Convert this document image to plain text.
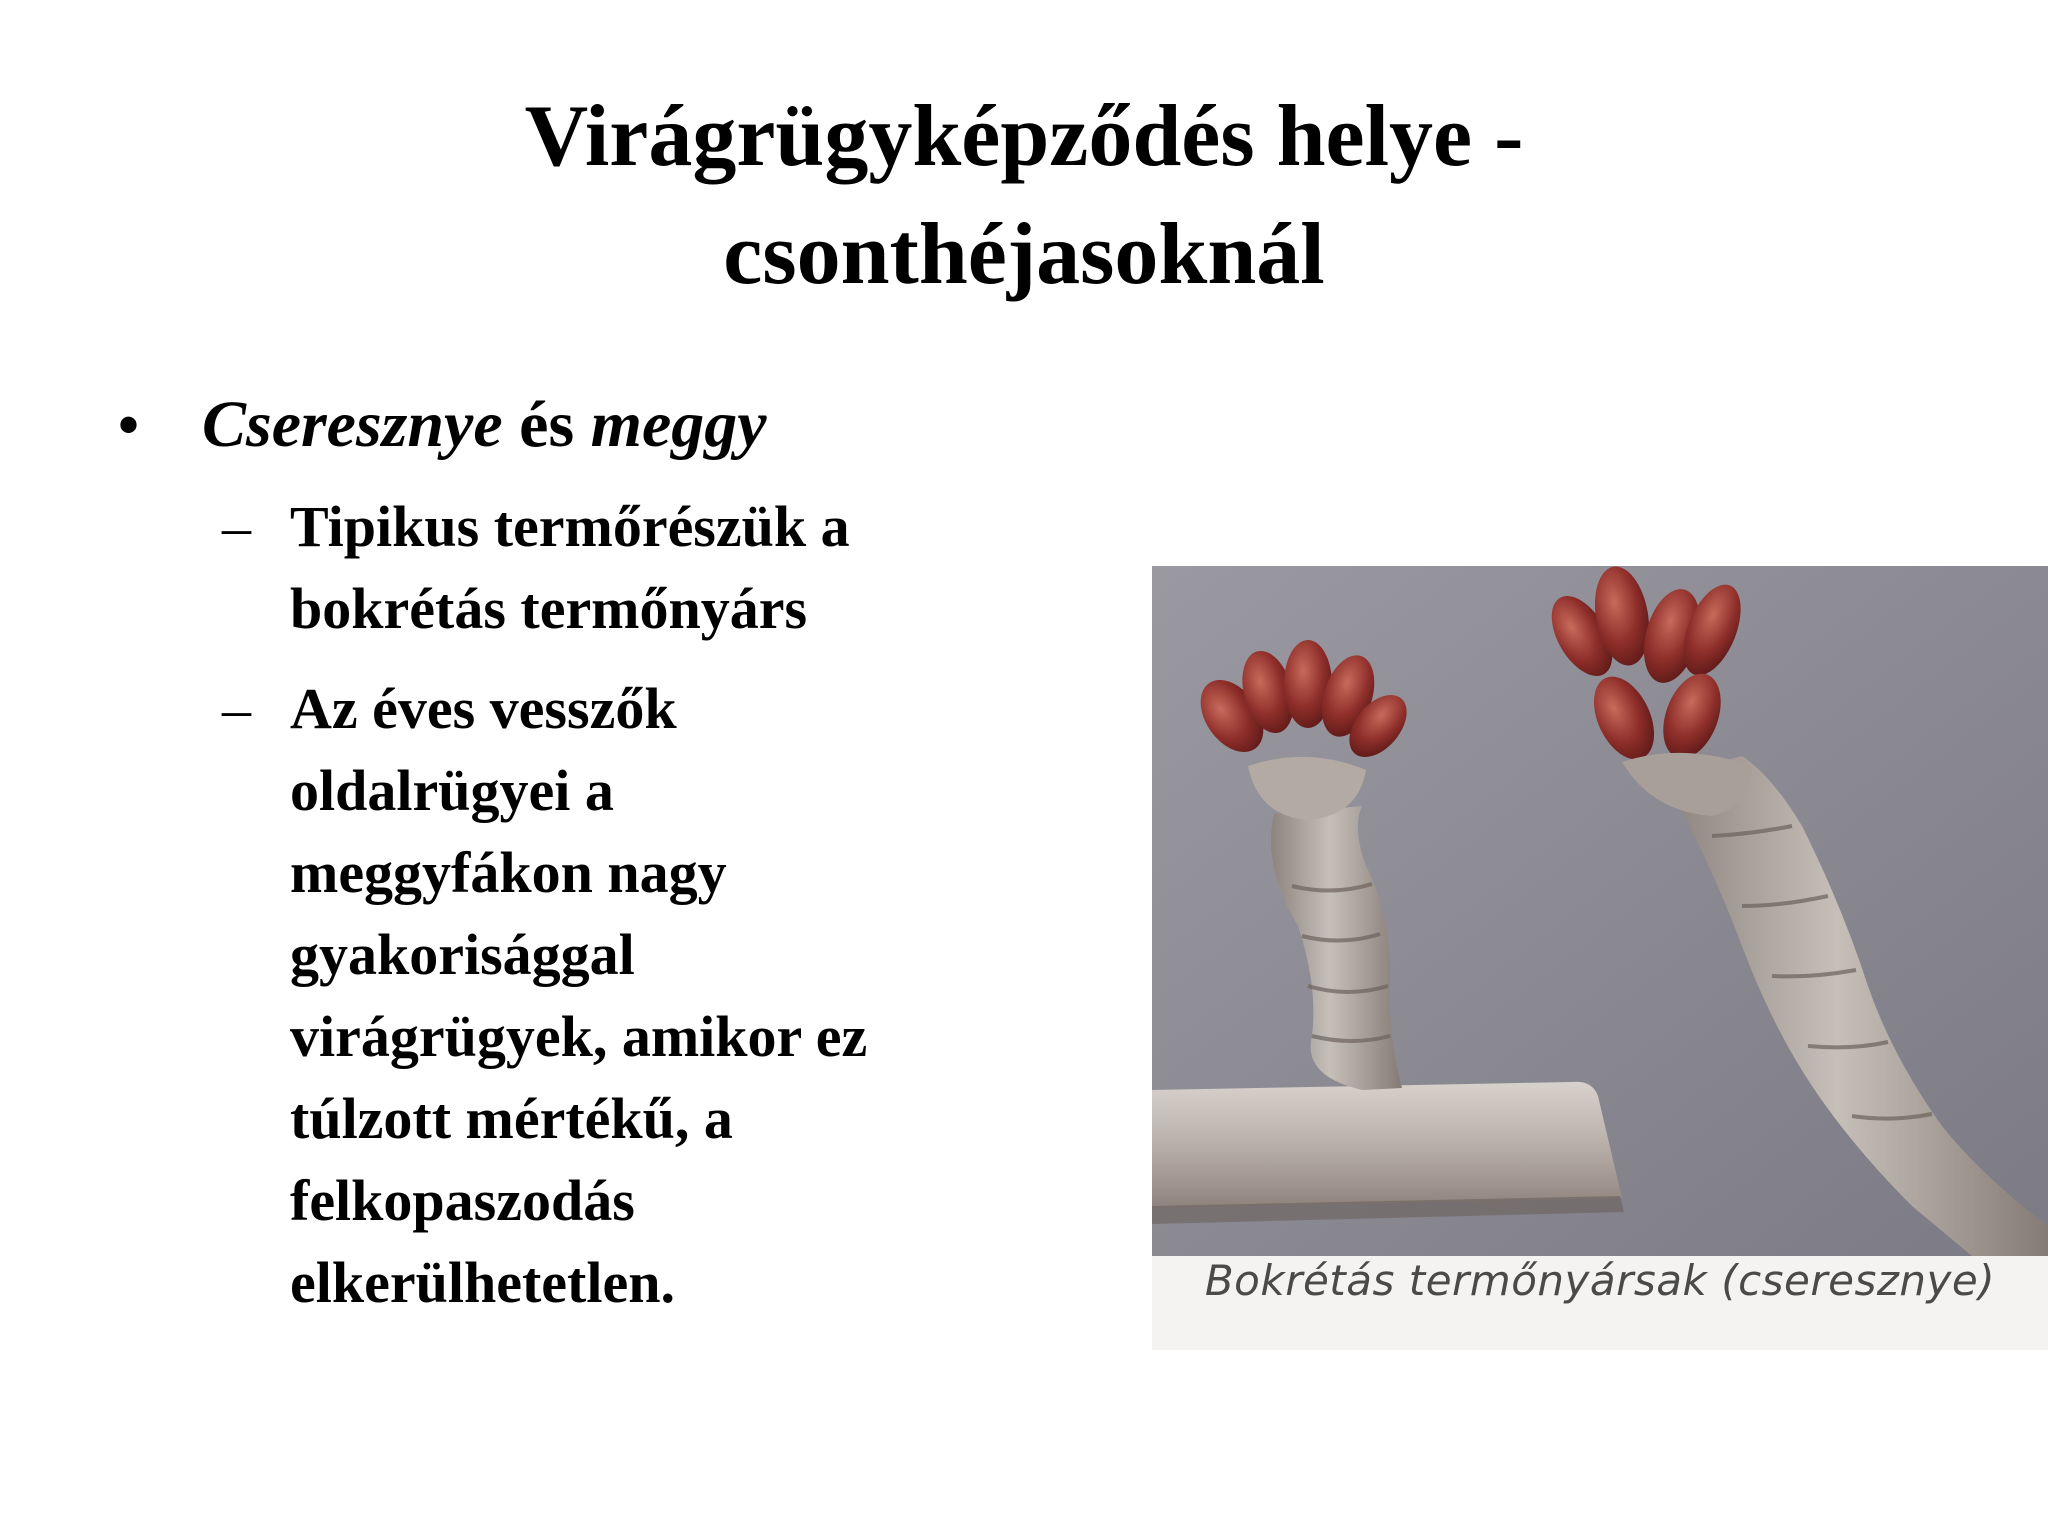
Virágrügyképződés helye -
csonthéjasoknál
• Cseresznye és meggy
– Tipikus termőrészük a
bokrétás termőnyárs
– Az éves vesszők
oldalrügyei a
meggyfákon nagy
gyakorisággal
virágrügyek, amikor ez
túlzott mértékű, a
felkopaszodás
elkerülhetetlen.	Bokrétás termőnyársak (cseresznye)
